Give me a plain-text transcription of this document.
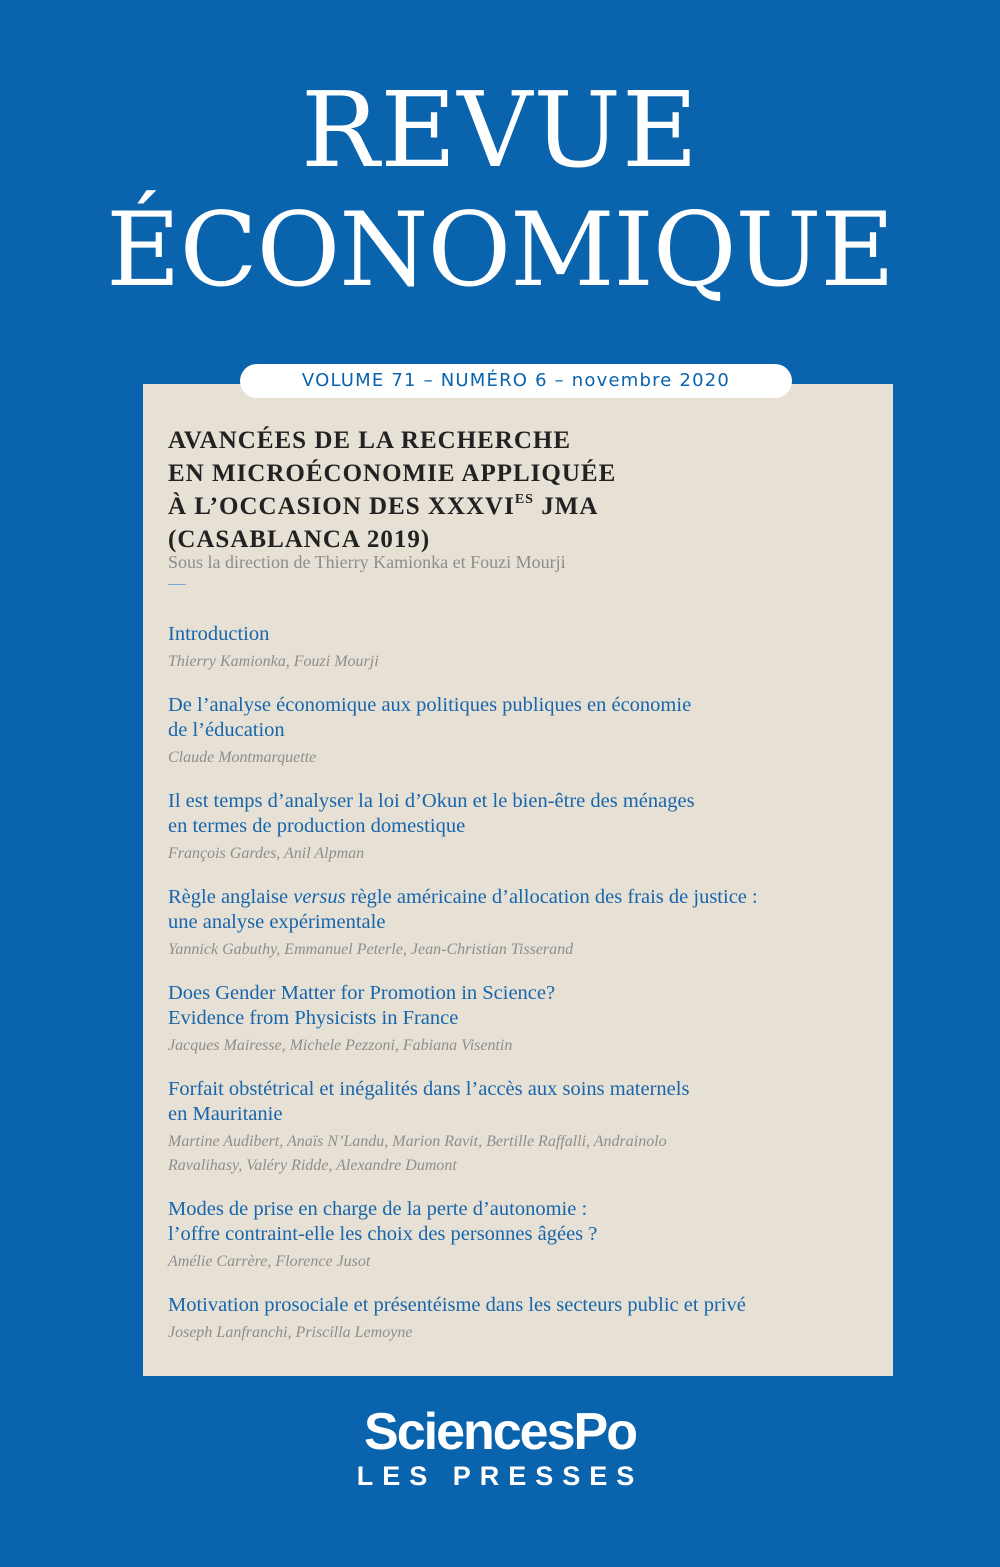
REVUE
ÉCONOMIQUE
VOLUME 71 – NUMÉRO 6 – novembre 2020
AVANCÉES DE LA RECHERCHE
EN MICROÉCONOMIE APPLIQUÉE
À L’OCCASION DES $XXXVI^{ES}$ JMA
(CASABLANCA 2019)
Sous la direction de Thierry Kamionka et Fouzi Mourji
Introduction
Thierry Kamionka, Fouzi Mourji
De l’analyse économique aux politiques publiques en économie
de l’éducation
Claude Montmarquette
Il est temps d’analyser la loi d’Okun et le bien-être des ménages
en termes de production domestique
François Gardes, Anil Alpman
Règle anglaise versus règle américaine d’allocation des frais de justice :
une analyse expérimentale
Yannick Gabuthy, Emmanuel Peterle, Jean-Christian Tisserand
Does Gender Matter for Promotion in Science?
Evidence from Physicists in France
Jacques Mairesse, Michele Pezzoni, Fabiana Visentin
Forfait obstétrical et inégalités dans l’accès aux soins maternels
en Mauritanie
Martine Audibert, Anaïs N’Landu, Marion Ravit, Bertille Raffalli, Andrainolo
Ravalihasy, Valéry Ridde, Alexandre Dumont
Modes de prise en charge de la perte d’autonomie :
l’offre contraint-elle les choix des personnes âgées ?
Amélie Carrère, Florence Jusot
Motivation prosociale et présentéisme dans les secteurs public et privé
Joseph Lanfranchi, Priscilla Lemoyne
SciencesPo
LES PRESSES
